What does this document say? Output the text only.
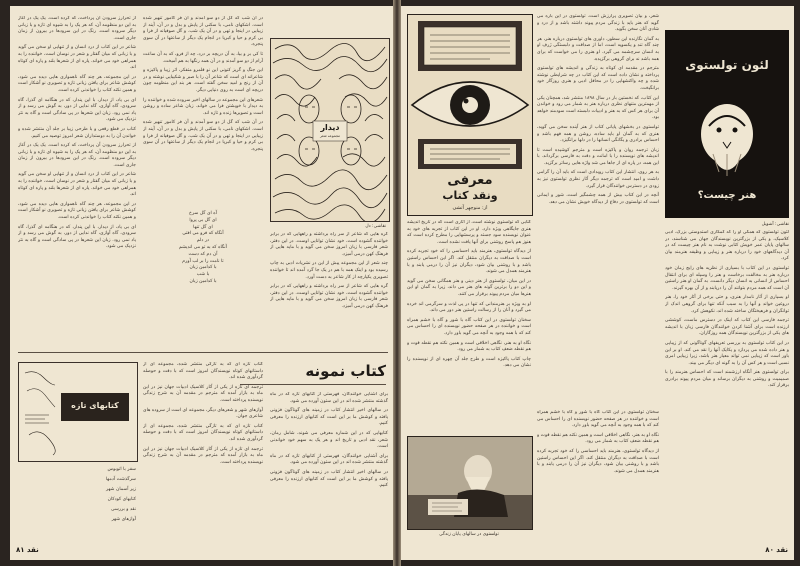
از تحرارز سرودن آن پرداخت، که کرده است. یک یک در آغاز به این دو منظومه آن، که هر یک را به شیوه ای تازه و با زبانی دیگر سروده است. رنگ در این سرودها در بیرون از زمان جاری است.

شاعر در این کتاب از درد انسان و از تنهایی او سخن می گوید و با زبانی که میان گفتار و شعر در نوسان است، خواننده را به همراهی خود می خواند. پاره ای از شعرها بلند و پاره ای کوتاه اند.

در این مجموعه، هر چند گاه ناهمواری هایی دیده می شود، کوشش شاعر برای یافتن زبانی تازه و تصویری نو آشکار است و همین نکته کتاب را خواندنی کرده است.

ای بی یاد، از دیدار، با این پندار، که در هنگامه ای گذرا، گاه سرودی، گاه آوازی، گاه ندایی از دور، به گوش می رسد و از یاد نمی رود. زبان این شعرها در پی سادگی است و گاه به نثر نزدیک می شود.

کتاب در قطع رقعی و با طرحی زیبا بر جلد آن منتشر شده و خواندن آن را به دوستداران شعر امروز توصیه می کنیم.

از تحرارز سرودن آن پرداخت، که کرده است. یک یک در آغاز به این دو منظومه آن، که هر یک را به شیوه ای تازه و با زبانی دیگر سروده است. رنگ در این سرودها در بیرون از زمان جاری است.

شاعر در این کتاب از درد انسان و از تنهایی او سخن می گوید و با زبانی که میان گفتار و شعر در نوسان است، خواننده را به همراهی خود می خواند. پاره ای از شعرها بلند و پاره ای کوتاه اند.

در این مجموعه، هر چند گاه ناهمواری هایی دیده می شود، کوشش شاعر برای یافتن زبانی تازه و تصویری نو آشکار است و همین نکته کتاب را خواندنی کرده است.

ای بی یاد، از دیدار، با این پندار، که در هنگامه ای گذرا، گاه سرودی، گاه آوازی، گاه ندایی از دور، به گوش می رسد و از یاد نمی رود. زبان این شعرها در پی سادگی است و گاه به نثر نزدیک می شود.

در آن شب که گل از دو سو آمدند و آن فر کامور تنهیر شده است. اشکهای نامی، با سکنی از پایش و بدل و در آن، آینه از زیبایی در اینجا و تهی و در آن یک شب. و گل صوفیانه از فرا و بی کرم و حیا و کبریا در انجام یک دیگر از ساعتها در آن سوی پنجره.

تا کی بر و بیا، به آن دریچه بر درد، چه از فرو، که به آن ساعت آرام از دو سو آمدند و در آن همه رنگها به هم آمیخت.

این جنگ و گریز کنونی این نو قلمرو متفکر، اثر زیبا و پاکیزه و شاعرانه ای است که شاعر آن را با صبر و شکیبایی نوشته و در آن از رنج و امید سخن گفته است. هر بند این منظومه چون دریچه ای است به روی دنیایی دیگر.

شعرهای این مجموعه در سالهای اخیر سروده شده و خواننده را به دیدار با خویشتن فرا می خواند. زبان شاعر ساده و روشن است و تصویرها زنده و تازه اند.

در آن شب که گل از دو سو آمدند و آن فر کامور تنهیر شده است. اشکهای نامی، با سکنی از پایش و بدل و در آن، آینه از زیبایی در اینجا و تهی و در آن یک شب. و گل صوفیانه از فرا و بی کرم و حیا و کبریا در انجام یک دیگر از ساعتها در آن سوی پنجره.

آه ای گل سرخ
ای گل بی پروا
ای گل تنها
آنگاه که فرو می افتی
در دلم
آنگاه که به تو می اندیشم
آن دم که دست
تا نامت را بر لب آورم
با کدامین زبان
با شب
با کدامین زبان
دیدار
مجموعه شعر
نقاشی: دل

گره هایی که شاعر از سر راه برداشته و راههایی که در برابر خواننده گشوده است، خود نشان توانایی اوست. در این دفتر، شعر فارسی با زبان امروز سخن می گوید و با مایه هایی از فرهنگ کهن درمی آمیزد.

چند شعر از این مجموعه پیش از این در نشریات ادبی به چاپ رسیده بود و اینک همه با هم در یک جا گرد آمده اند تا خواننده تصویری یکپارچه از کار شاعر به دست آورد.

گره هایی که شاعر از سر راه برداشته و راههایی که در برابر خواننده گشوده است، خود نشان توانایی اوست. در این دفتر، شعر فارسی با زبان امروز سخن می گوید و با مایه هایی از فرهنگ کهن درمی آمیزد.

کتاب نمونه

برای آشنایی خوانندگان، فهرستی از کتابهای تازه که در ماه گذشته منتشر شده اند در این ستون آورده می شود.

در سالهای اخیر انتشار کتاب در زمینه های گوناگون فزونی یافته و کوشش ما بر این است که کتابهای ارزنده را معرفی کنیم.

کتابهایی که در این شماره معرفی می شوند، شامل رمان، شعر، نقد ادبی و تاریخ اند و هر یک به سهم خود خواندنی است.

برای آشنایی خوانندگان، فهرستی از کتابهای تازه که در ماه گذشته منتشر شده اند در این ستون آورده می شود.

در سالهای اخیر انتشار کتاب در زمینه های گوناگون فزونی یافته و کوشش ما بر این است که کتابهای ارزنده را معرفی کنیم.

کتاب تازه ای که به تازگی منتشر شده، مجموعه ای از داستانهای کوتاه نویسندگان امروز است که با دقت و حوصله گردآوری شده اند.

ترجمه ای تازه از یکی از آثار کلاسیک ادبیات جهان نیز در این ماه به بازار آمده که مترجم در مقدمه آن به شرح زندگی نویسنده پرداخته است.

آوازهای شهر و شعرهای دیگر، مجموعه ای است از سروده های شاعری جوان.

کتاب تازه ای که به تازگی منتشر شده، مجموعه ای از داستانهای کوتاه نویسندگان امروز است که با دقت و حوصله گردآوری شده اند.

ترجمه ای تازه از یکی از آثار کلاسیک ادبیات جهان نیز در این ماه به بازار آمده که مترجم در مقدمه آن به شرح زندگی نویسنده پرداخته است.

کتابهای تازه

سفر با اتوبوس

سرگذشت آدمها

زیر آسمان شهر

کتابهای کودکان

نقد و بررسی

آوازهای شهر

نقد ۸۱
معرفی
ونقد کتاب
از: منوچهر آتشی
لئون تولستوی
هنر چیست؟
نقاشی: آشوبل

شعر، و بیان تصویری پرارزش است. تولستوی در این باره می گوید که هنر باید با زندگی مردم پیوند داشته باشد و از درد و شادی آنان سخن بگوید.

به گمان نگارنده این سطور، داوری های تولستوی درباره هنر، هر چند گاه تند و یکسویه است، اما از صداقت و دلبستگی ژرف او به انسان سرچشمه می گیرد. او هنری را می خواست که برای همه باشد نه برای گروهی برگزیده.

مترجم در مقدمه ای کوتاه به زندگی و اندیشه های تولستوی پرداخته و نشان داده است که این کتاب در چه شرایطی نوشته شده و چه واکنشهایی را در محافل ادبی و هنری روزگار خود برانگیخت.

این کتاب، که نخستین بار در سال ۱۸۹۸ منتشر شد، همچنان یکی از مهمترین متنهای نظری درباره هنر به شمار می رود و خواندن آن برای هر کس که به هنر و ادبیات دلبسته است سودمند خواهد بود.

تولستوی در بخشهای پایانی کتاب از هنر آینده سخن می گوید، هنری که به گمان او باید ساده، روشن و همه فهم باشد و احساس برادری و یگانگی انسانها را در دلها برانگیزد.

زبان ترجمه روان و پاکیزه است و مترجم کوشیده است تا اندیشه های نویسنده را با امانت و دقت به فارسی برگرداند. با این همه، در پاره ای از جاها می شد واژه هایی رساتر برگزید.

به هر روی، انتشار این کتاب رویدادی است که باید آن را گرامی داشت و امید است که ترجمه دیگر آثار نظری تولستوی نیز به زودی در دسترس خوانندگان قرار گیرد.

آنچه در این کتاب بیش از همه چشمگیر است، شور و ایمانی است که تولستوی در دفاع از دیدگاه خویش نشان می دهد.

لئون تولستوی که همگی او را که گمکاری استدوستی بزرگ، ادبی کلاسیک، و یکی از بزرگترین نویسندگان جهان می شناسند، در سالهای پایان عمر خویش کتابی نوشت به نام هنر چیست که در آن دیدگاههای خود را درباره هنر و زیبایی و وظیفه هنرمند بیان کرد.

تولستوی در این کتاب با بسیاری از نظریه های رایج زمان خود درباره هنر به مخالفت برخاست و هنر را وسیله ای برای انتقال احساس از انسانی به انسان دیگر دانست. به گمان او هنر راستین آن است که همه مردم بتوانند آن را دریابند و از آن بهره گیرند.

او بسیاری از آثار نامدار هنری، و حتی برخی از آثار خود را، هنر دروغین خواند و آنها را به سبب آنکه تنها برای گروهی اندک از توانگران و فرهیختگان ساخته شده اند، نکوهش کرد.

ترجمه فارسی این کتاب که اینک در دسترس ماست، کوششی ارزنده است برای آشنا کردن خوانندگان فارسی زبان با اندیشه های یکی از بزرگترین نویسندگان همه روزگاران.

در این کتاب تولستوی به بررسی تعریفهای گوناگونی که از زیبایی و هنر داده شده می پردازد و یکایک آنها را نقد می کند. او بر این باور است که زیبایی نمی تواند معیار هنر باشد، زیرا زیبایی امری نسبی است و هر کس آن را به گونه ای دیگر می بیند.

برای تولستوی هنر آنگاه ارزشمند است که احساس هنرمند را با صمیمیت و روشنی به دیگران برساند و میان مردم پیوند برادری برقرار کند.

کتابی که تولستوی نوشته است، از آثاری است که در تاریخ اندیشه هنری جایگاهی ویژه دارد. او در این کتاب از تجربه های خود به عنوان نویسنده سود جسته و پرسشهایی را مطرح کرده است که هنوز هم پاسخ روشنی برای آنها یافت نشده است.

از دیدگاه تولستوی، هنرمند باید احساسی را که خود تجربه کرده است با صداقت به دیگران منتقل کند. اگر این احساس راستین باشد و با روشنی بیان شود، دیگران نیز آن را درمی یابند و با هنرمند همدل می شوند.

در این میان، تولستوی از هنر دینی و هنر همگانی سخن می گوید و این دو را برترین گونه های هنر می داند، زیرا به گمان او این هنرها میان مردم پیوند برقرار می کنند.

او به ویژه بر هنرمندانی که تنها در پی لذت و سرگرمی اند خرده می گیرد و آنان را از رسالت راستین هنر دور می داند.

سخنان تولستوی در این کتاب گاه با شور و گاه با خشم همراه است و خواننده در هر صفحه حضور نویسنده ای را احساس می کند که با همه وجود به آنچه می گوید باور دارد.

نگاه او به هنر، نگاهی اخلاقی است و همین نکته هم نقطه قوت و هم نقطه ضعف کتاب به شمار می رود.

چاپ کتاب پاکیزه است و طرح جلد آن چهره ای از نویسنده را نشان می دهد.

سخنان تولستوی در این کتاب گاه با شور و گاه با خشم همراه است و خواننده در هر صفحه حضور نویسنده ای را احساس می کند که با همه وجود به آنچه می گوید باور دارد.

نگاه او به هنر، نگاهی اخلاقی است و همین نکته هم نقطه قوت و هم نقطه ضعف کتاب به شمار می رود.

از دیدگاه تولستوی، هنرمند باید احساسی را که خود تجربه کرده است با صداقت به دیگران منتقل کند. اگر این احساس راستین باشد و با روشنی بیان شود، دیگران نیز آن را درمی یابند و با هنرمند همدل می شوند.

تولستوی در سالهای پایان زندگی
۸۰ نقد
